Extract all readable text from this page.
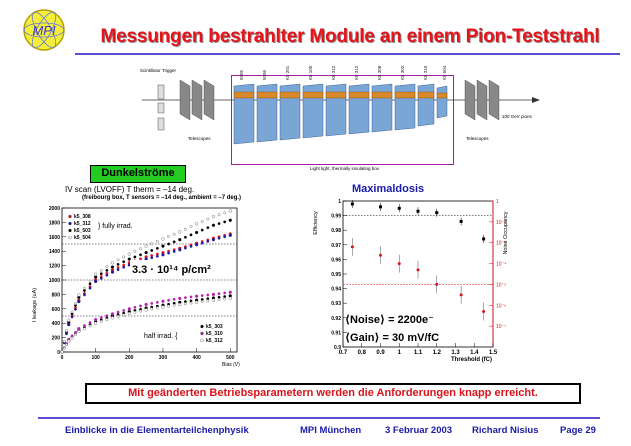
MPI	Messungen bestrahlter Module an einem Pion-Teststrahl
Scintillator Trigger
Telescopes	Telescopes
100 GeV pions
Light tight, thermally insulating box
5005	5006	K5 201	K6 100	K6 312	K5 312	K5 308	K5 302	K5 310	K5 504
Dunkelströme
Maximaldosis
IV scan (LVOFF) T therm = –14 deg.
(freibourg box, T sensors = –14 deg., ambient = –7 deg.)
0
200
400
600
800
1000
1200
1400
1600
1800
2000
0	100	200	300	400	500
I leakage (uA)
Bias (V)
k5_308
k5_312
k5_503
k5_504
} fully irrad.
k5_303
k5_310
k5_312
half irrad. {
3.3 · 10¹⁴ p/cm²
0.9
0.91
0.92
0.93
0.94
0.95
0.96
0.97
0.98
0.99
1
0.7 0.8 0.9 1 1.1 1.2 1.3 1.4 1.5
10⁻⁷
10⁻⁶
10⁻⁵
10⁻⁴
10⁻³
10⁻²
1
Efficiency	Noise Occupancy
Threshold (fC)
⟨Noise⟩ = 2200e⁻
⟨Gain⟩ = 30 mV/fC
Mit geänderten Betriebsparametern werden die Anforderungen knapp erreicht.
Einblicke in die Elementarteilchenphysik	MPI München	3 Februar 2003 Richard Nisius Page 29
